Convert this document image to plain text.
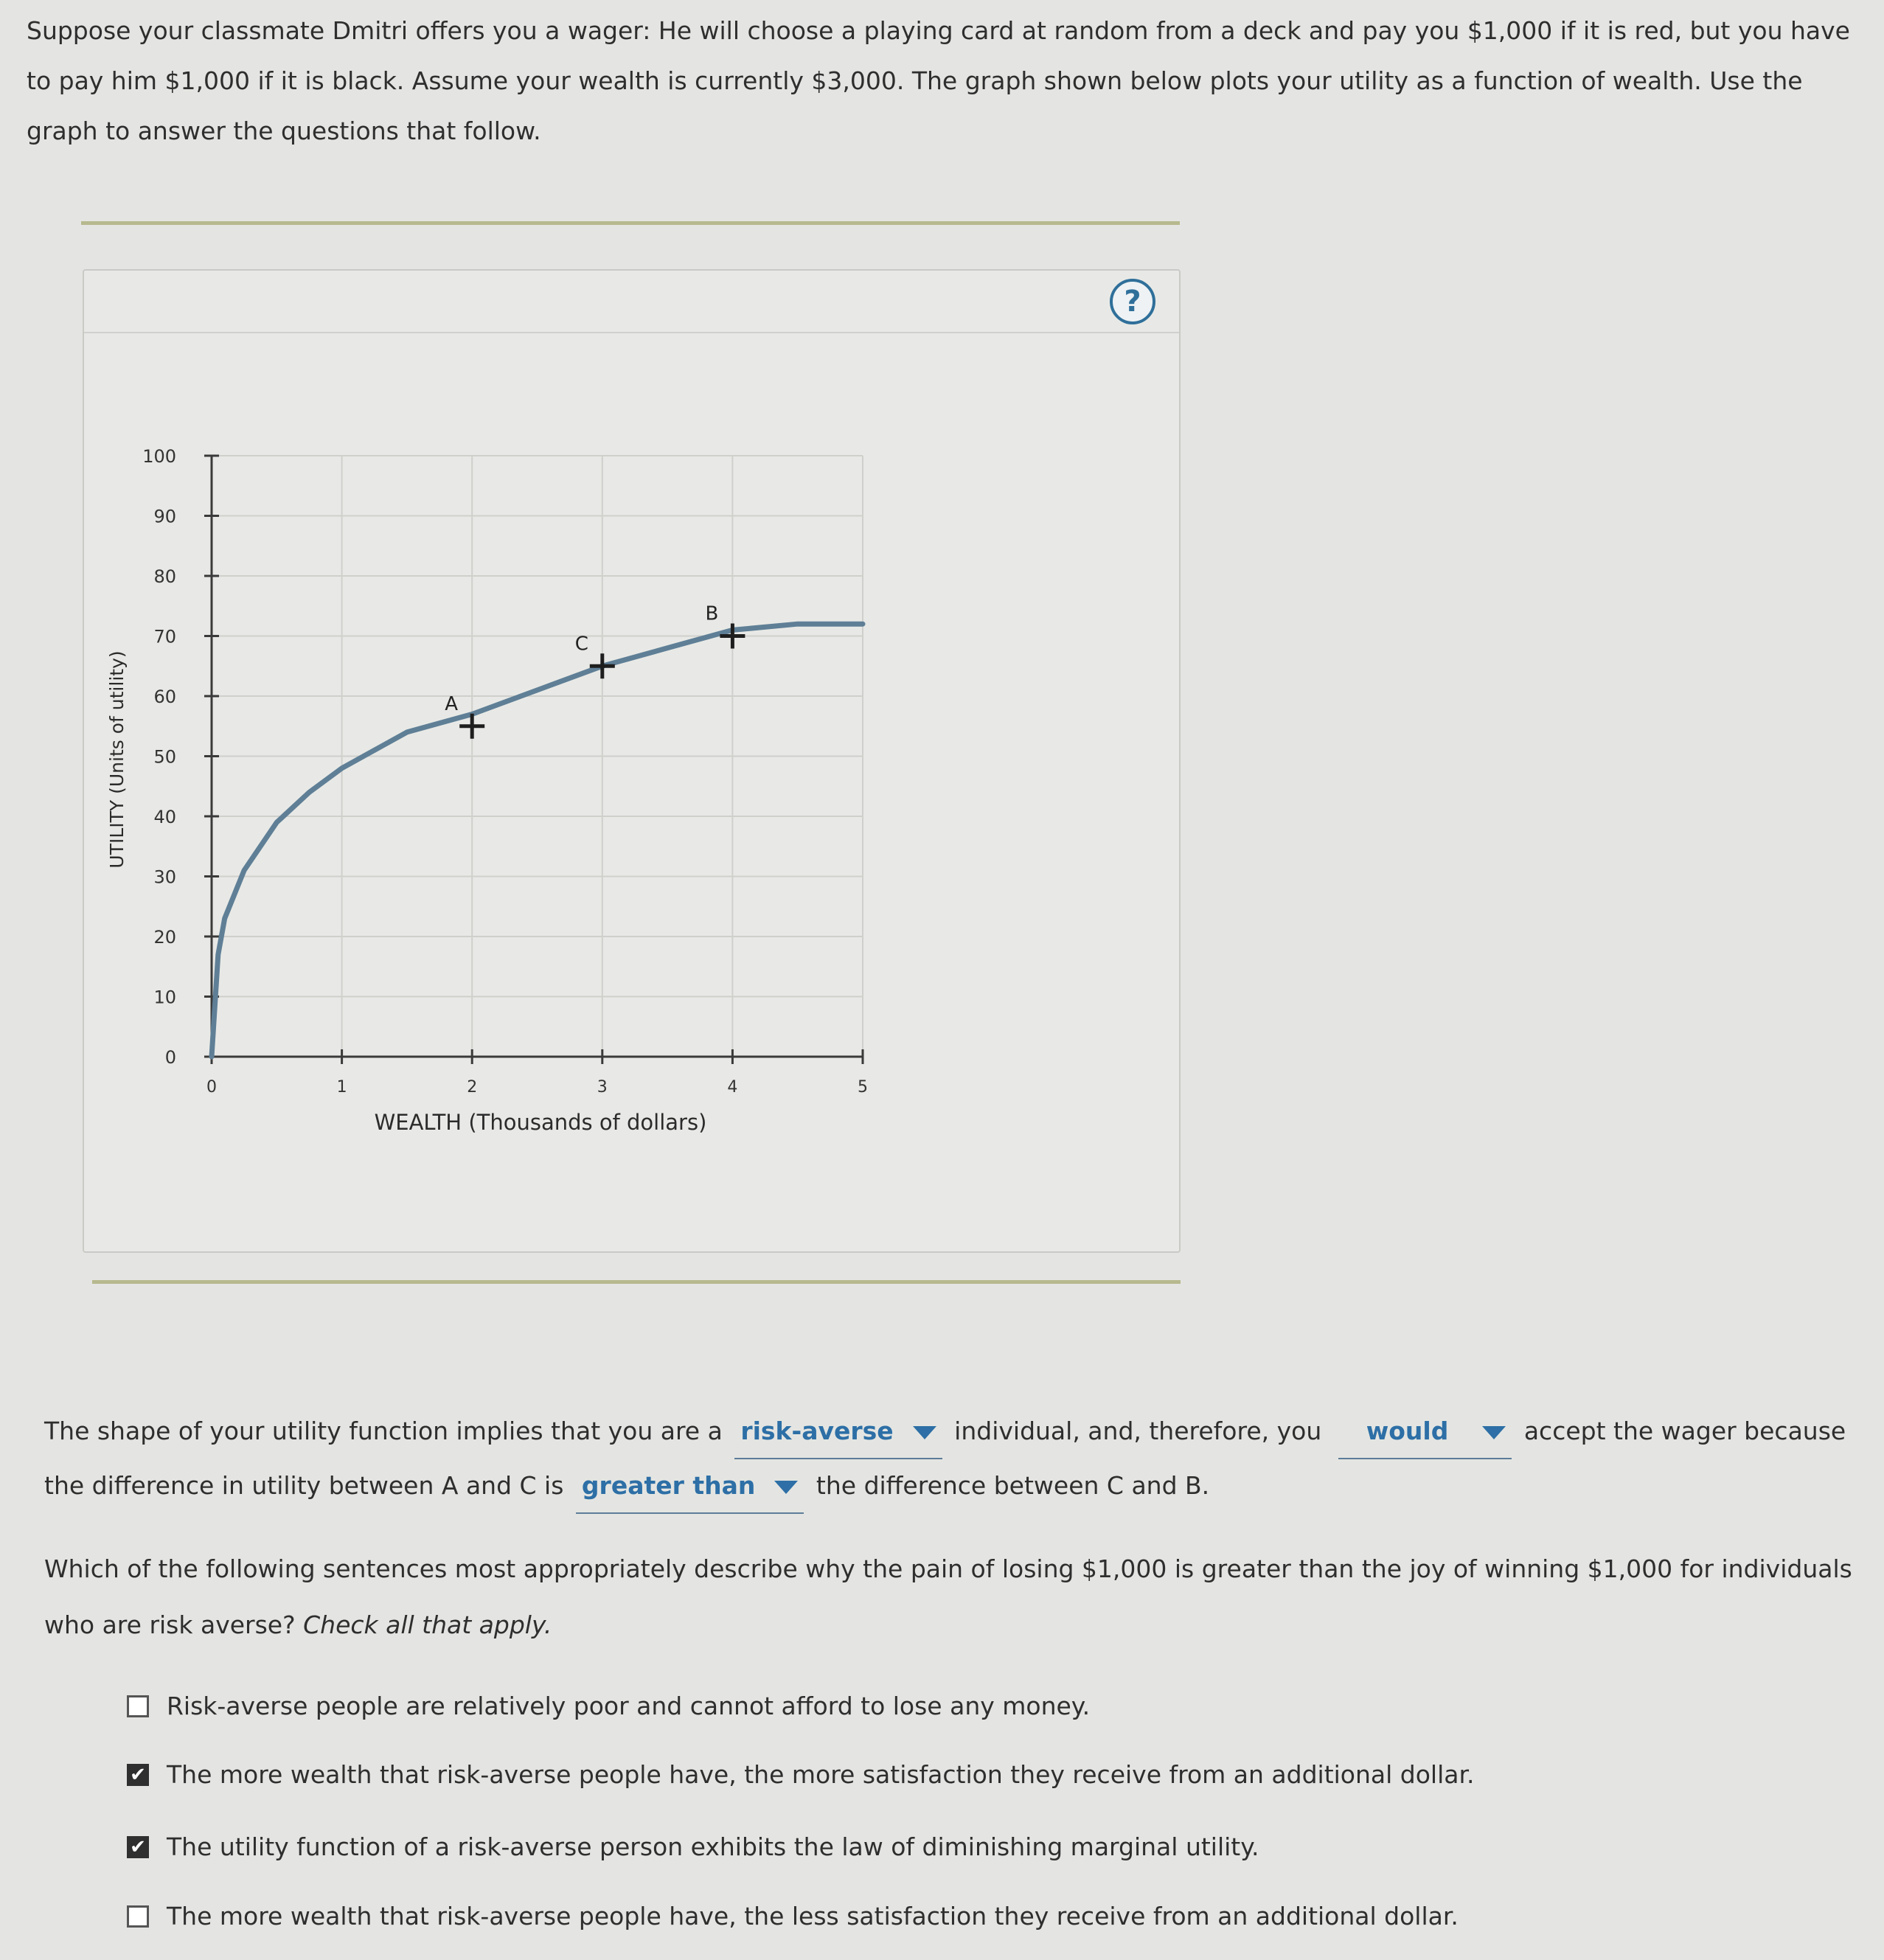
Suppose your classmate Dmitri offers you a wager: He will choose a playing card at random from a deck and pay you $1,000 if it is red, but you have
to pay him $1,000 if it is black. Assume your wealth is currently $3,000. The graph shown below plots your utility as a function of wealth. Use the
graph to answer the questions that follow.
?
0
10
20
30
40
50
60
70
80
90
100
0	1	2	3	4	5
A
C
B
WEALTH (Thousands of dollars)
UTILITY (Units of utility)
The shape of your utility function implies that you are a risk-averse	individual, and, therefore, you would	accept the wager because
the difference in utility between A and C is greater than	the difference between C and B.
Which of the following sentences most appropriately describe why the pain of losing $1,000 is greater than the joy of winning $1,000 for individuals who are risk averse? Check all that apply.
Risk-averse people are relatively poor and cannot afford to lose any money.
✔ The more wealth that risk-averse people have, the more satisfaction they receive from an additional dollar.
✔ The utility function of a risk-averse person exhibits the law of diminishing marginal utility.
The more wealth that risk-averse people have, the less satisfaction they receive from an additional dollar.
